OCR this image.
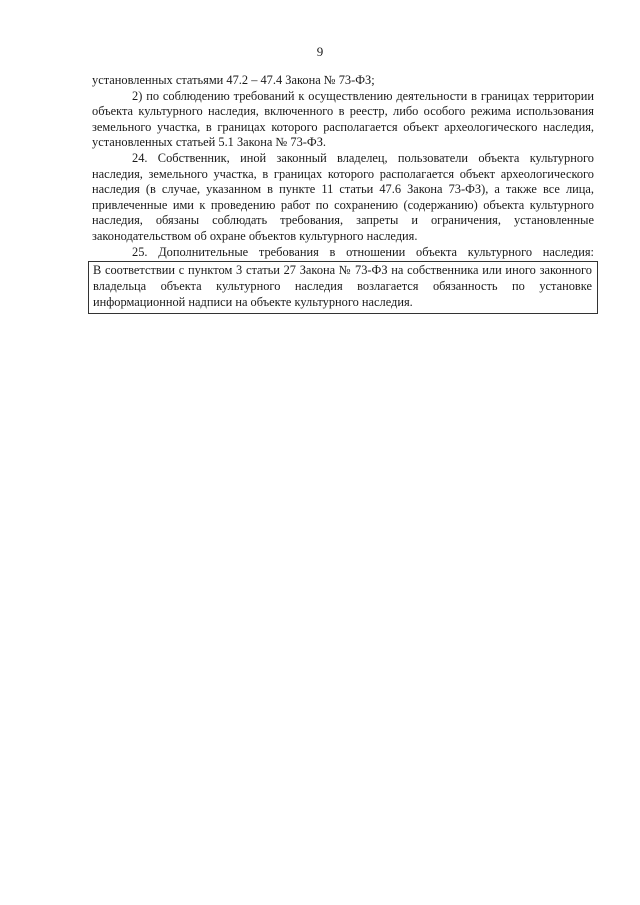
9

установленных статьями 47.2 – 47.4 Закона № 73-ФЗ;

2) по соблюдению требований к осуществлению деятельности в границах территории объекта культурного наследия, включенного в реестр, либо особого режима использования земельного участка, в границах которого располагается объект археологического наследия, установленных статьей 5.1 Закона № 73-ФЗ.

24. Собственник, иной законный владелец, пользователи объекта культурного наследия, земельного участка, в границах которого располагается объект археологического наследия (в случае, указанном в пункте 11 статьи 47.6 Закона 73-ФЗ), а также все лица, привлеченные ими к проведению работ по сохранению (содержанию) объекта культурного наследия, обязаны соблюдать требования, запреты и ограничения, установленные законодательством об охране объектов культурного наследия.

25. Дополнительные требования в отношении объекта культурного наследия:

В соответствии с пунктом 3 статьи 27 Закона № 73-ФЗ на собственника или иного законного владельца объекта культурного наследия возлагается обязанность по установке информационной надписи на объекте культурного наследия.
